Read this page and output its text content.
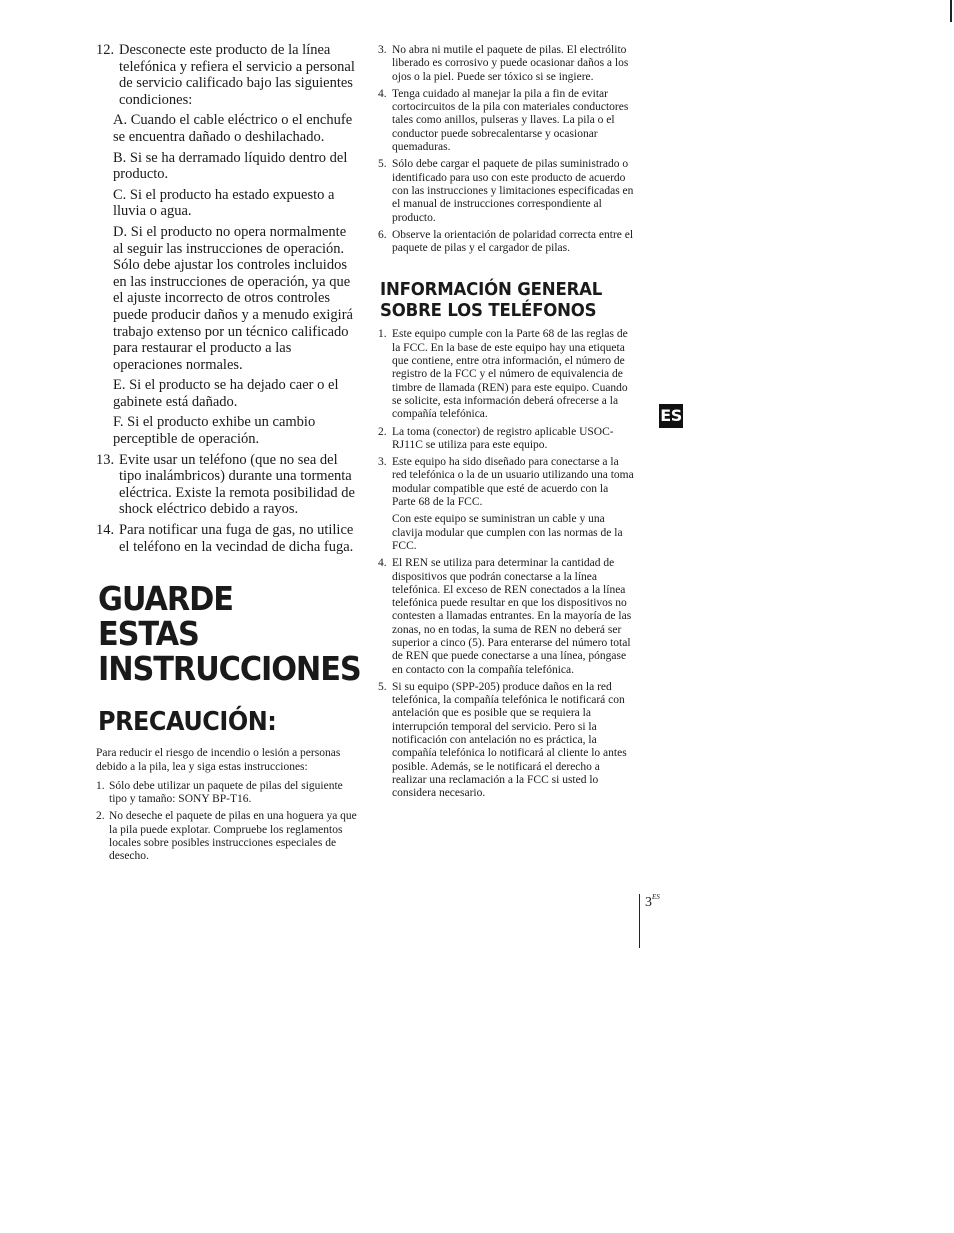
12. Desconecte este producto de la línea telefónica y refiera el servicio a personal de servicio calificado bajo las siguientes condiciones:
A. Cuando el cable eléctrico o el enchufe se encuentra dañado o deshilachado.
B. Si se ha derramado líquido dentro del producto.
C. Si el producto ha estado expuesto a lluvia o agua.
D. Si el producto no opera normalmente al seguir las instrucciones de operación. Sólo debe ajustar los controles incluidos en las instrucciones de operación, ya que el ajuste incorrecto de otros controles puede producir daños y a menudo exigirá trabajo extenso por un técnico calificado para restaurar el producto a las operaciones normales.
E. Si el producto se ha dejado caer o el gabinete está dañado.
F. Si el producto exhibe un cambio perceptible de operación.
13. Evite usar un teléfono (que no sea del tipo inalámbricos) durante una tormenta eléctrica. Existe la remota posibilidad de shock eléctrico debido a rayos.
14. Para notificar una fuga de gas, no utilice el teléfono en la vecindad de dicha fuga.
GUARDE ESTAS
INSTRUCCIONES
PRECAUCIÓN:
Para reducir el riesgo de incendio o lesión a personas debido a la pila, lea y siga estas instrucciones:
1. Sólo debe utilizar un paquete de pilas del siguiente tipo y tamaño: SONY BP-T16.
2. No deseche el paquete de pilas en una hoguera ya que la pila puede explotar. Compruebe los reglamentos locales sobre posibles instrucciones especiales de desecho.
3. No abra ni mutile el paquete de pilas. El electrólito liberado es corrosivo y puede ocasionar daños a los ojos o la piel. Puede ser tóxico si se ingiere.
4. Tenga cuidado al manejar la pila a fin de evitar cortocircuitos de la pila con materiales conductores tales como anillos, pulseras y llaves. La pila o el conductor puede sobrecalentarse y ocasionar quemaduras.
5. Sólo debe cargar el paquete de pilas suministrado o identificado para uso con este producto de acuerdo con las instrucciones y limitaciones especificadas en el manual de instrucciones correspondiente al producto.
6. Observe la orientación de polaridad correcta entre el paquete de pilas y el cargador de pilas.
INFORMACIÓN GENERAL
SOBRE LOS TELÉFONOS
1. Este equipo cumple con la Parte 68 de las reglas de la FCC. En la base de este equipo hay una etiqueta que contiene, entre otra información, el número de registro de la FCC y el número de equivalencia de timbre de llamada (REN) para este equipo. Cuando se solicite, esta información deberá ofrecerse a la compañía telefónica.
2. La toma (conector) de registro aplicable USOC-RJ11C se utiliza para este equipo.
3. Este equipo ha sido diseñado para conectarse a la red telefónica o la de un usuario utilizando una toma modular compatible que esté de acuerdo con la Parte 68 de la FCC.
Con este equipo se suministran un cable y una clavija modular que cumplen con las normas de la FCC.
4. El REN se utiliza para determinar la cantidad de dispositivos que podrán conectarse a la línea telefónica. El exceso de REN conectados a la línea telefónica puede resultar en que los dispositivos no contesten a llamadas entrantes. En la mayoría de las zonas, no en todas, la suma de REN no deberá ser superior a cinco (5). Para enterarse del número total de REN que puede conectarse a una línea, póngase en contacto con la compañía telefónica.
5. Si su equipo (SPP-205) produce daños en la red telefónica, la compañía telefónica le notificará con antelación que es posible que se requiera la interrupción temporal del servicio. Pero si la notificación con antelación no es práctica, la compañía telefónica lo notificará al cliente lo antes posible. Además, se le notificará el derecho a realizar una reclamación a la FCC si usted lo considera necesario.
ES
$3^{ES}$
